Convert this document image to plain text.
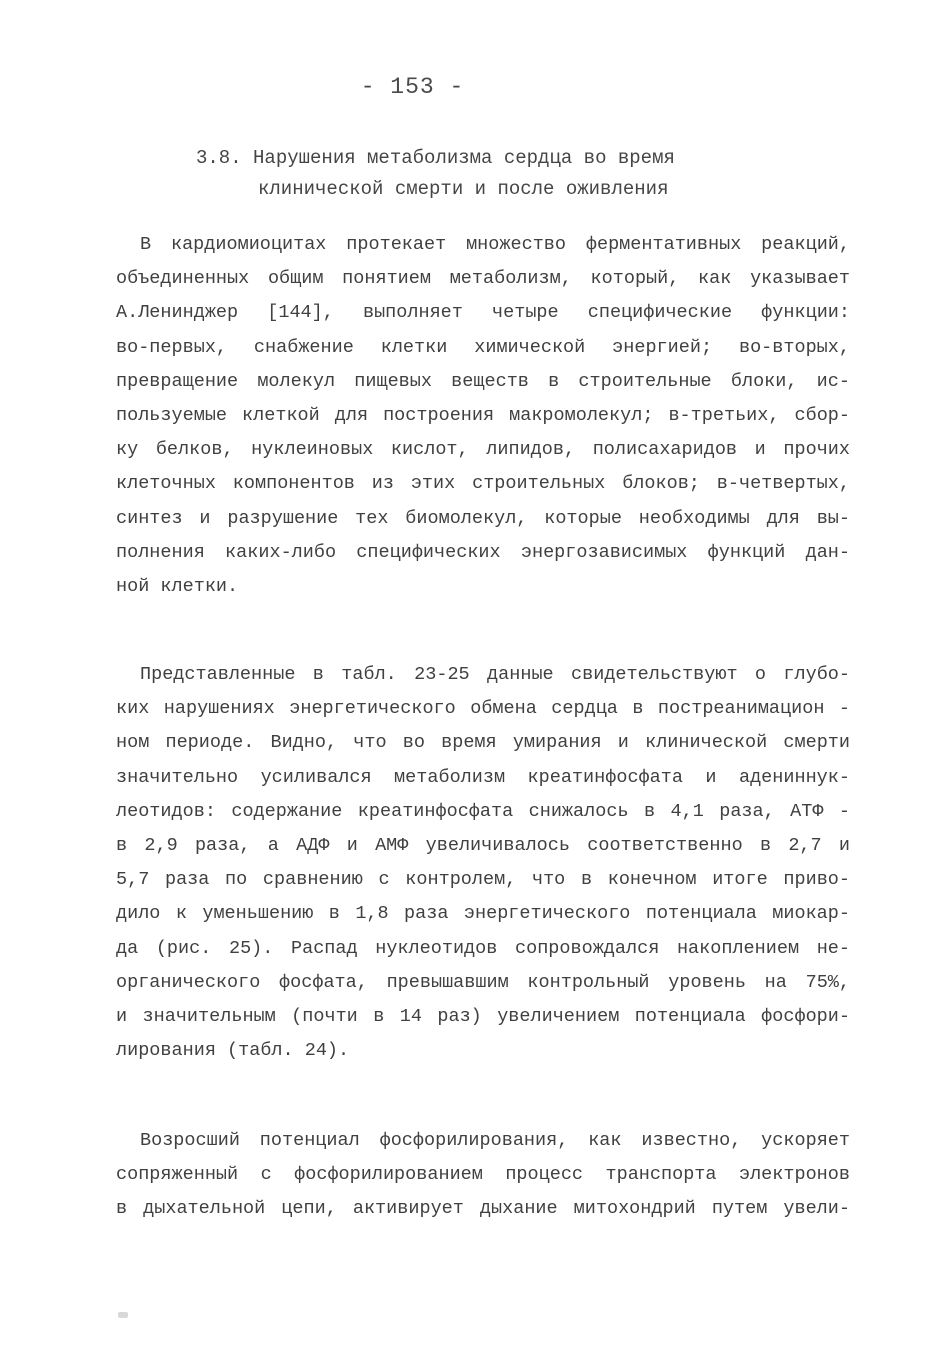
- 153 -
3.8. Нарушения метаболизма сердца во время
клинической смерти и после оживления
В кардиомиоцитах протекает множество ферментативных реакций,
объединенных общим понятием метаболизм, который, как указывает
А.Ленинджер [144], выполняет четыре специфические функции:
во-первых, снабжение клетки химической энергией; во-вторых,
превращение молекул пищевых веществ в строительные блоки, ис-
пользуемые клеткой для построения макромолекул; в-третьих, сбор-
ку белков, нуклеиновых кислот, липидов, полисахаридов и прочих
клеточных компонентов из этих строительных блоков; в-четвертых,
синтез и разрушение тех биомолекул, которые необходимы для вы-
полнения каких-либо специфических энергозависимых функций дан-
ной клетки.
Представленные в табл. 23-25 данные свидетельствуют о глубо-
ких нарушениях энергетического обмена сердца в постреанимацион -
ном периоде. Видно, что во время умирания и клинической смерти
значительно усиливался метаболизм креатинфосфата и адениннук-
леотидов: содержание креатинфосфата снижалось в 4,1 раза, АТФ -
в 2,9 раза, а АДФ и АМФ увеличивалось соответственно в 2,7 и
5,7 раза по сравнению с контролем, что в конечном итоге приво-
дило к уменьшению в 1,8 раза энергетического потенциала миокар-
да (рис. 25). Распад нуклеотидов сопровождался накоплением не-
органического фосфата, превышавшим контрольный уровень на 75%,
и значительным (почти в 14 раз) увеличением потенциала фосфори-
лирования (табл. 24).
Возросший потенциал фосфорилирования, как известно, ускоряет
сопряженный с фосфорилированием процесс транспорта электронов
в дыхательной цепи, активирует дыхание митохондрий путем увели-
